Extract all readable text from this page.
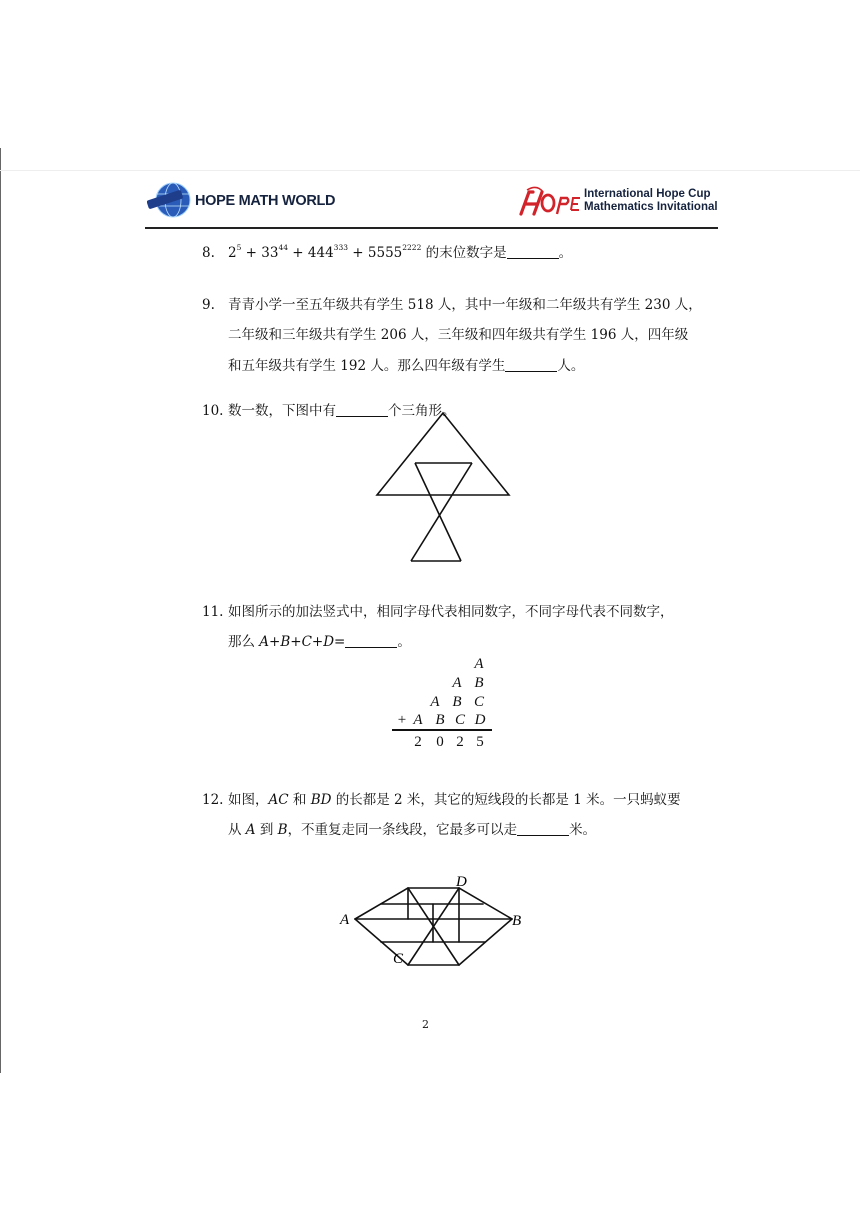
HOPE MATH WORLD	International Hope Cup
Mathematics Invitational
8. $2^5 + 33^{44} + 444^{333} + 5555^{2222}$ 的末位数字是	。
9. 青青小学一至五年级共有学生 518 人，其中一年级和二年级共有学生 230 人，
二年级和三年级共有学生 206 人，三年级和四年级共有学生 196 人，四年级
和五年级共有学生 192 人。那么四年级有学生	人。
10. 数一数，下图中有	个三角形。
11. 如图所示的加法竖式中，相同字母代表相同数字，不同字母代表不同数字，
那么 A+B+C+D=	。
A
A B
A B C
+ A B C D
2 0 2 5
12. 如图，AC 和 BD 的长都是 2 米，其它的短线段的长都是 1 米。一只蚂蚁要
从 A 到 B，不重复走同一条线段，它最多可以走	米。
A	B
C
D
2
